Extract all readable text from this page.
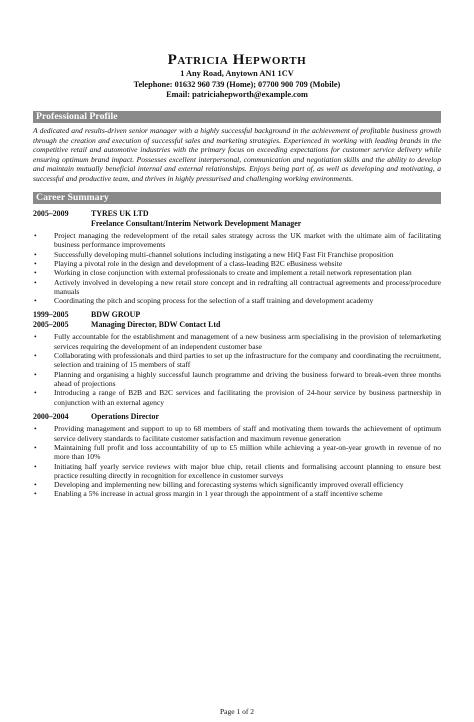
Patricia Hepworth
1 Any Road, Anytown AN1 1CV
Telephone: 01632 960 739 (Home); 07700 900 709 (Mobile)
Email: patriciahepworth@example.com
Professional Profile
A dedicated and results-driven senior manager with a highly successful background in the achievement of profitable business growth through the creation and execution of successful sales and marketing strategies. Experienced in working with leading brands in the competitive retail and automotive industries with the primary focus on exceeding expectations for customer service delivery while ensuring optimum brand impact. Possesses excellent interpersonal, communication and negotiation skills and the ability to develop and maintain mutually beneficial internal and external relationships. Enjoys being part of, as well as developing and motivating, a successful and productive team, and thrives in highly pressurised and challenging working environments.
Career Summary
2005–2009	TYRES UK LTD
Freelance Consultant/Interim Network Development Manager
• Project managing the redevelopment of the retail sales strategy across the UK market with the ultimate aim of facilitating business performance improvements
• Successfully developing multi-channel solutions including instigating a new HiQ Fast Fit Franchise proposition
• Playing a pivotal role in the design and development of a class-leading B2C eBusiness website
• Working in close conjunction with external professionals to create and implement a retail network representation plan
• Actively involved in developing a new retail store concept and in redrafting all contractual agreements and process/procedure manuals
• Coordinating the pitch and scoping process for the selection of a staff training and development academy
1999–2005
2005–2005
BDW GROUP
Managing Director, BDW Contact Ltd
• Fully accountable for the establishment and management of a new business arm specialising in the provision of telemarketing services requiring the development of an independent customer base
• Collaborating with professionals and third parties to set up the infrastructure for the company and coordinating the recruitment, selection and training of 15 members of staff
• Planning and organising a highly successful launch programme and driving the business forward to break-even three months ahead of projections
• Introducing a range of B2B and B2C services and facilitating the provision of 24-hour service by business partnership in conjunction with an external agency
2000–2004	Operations Director
• Providing management and support to up to 68 members of staff and motivating them towards the achievement of optimum service delivery standards to facilitate customer satisfaction and maximum revenue generation
• Maintaining full profit and loss accountability of up to £5 million while achieving a year-on-year growth in revenue of no more than 10%
• Initiating half yearly service reviews with major blue chip, retail clients and formalising account planning to ensure best practice resulting directly in recognition for excellence in customer surveys
• Developing and implementing new billing and forecasting systems which significantly improved overall efficiency
• Enabling a 5% increase in actual gross margin in 1 year through the appointment of a staff incentive scheme
Page 1 of 2
